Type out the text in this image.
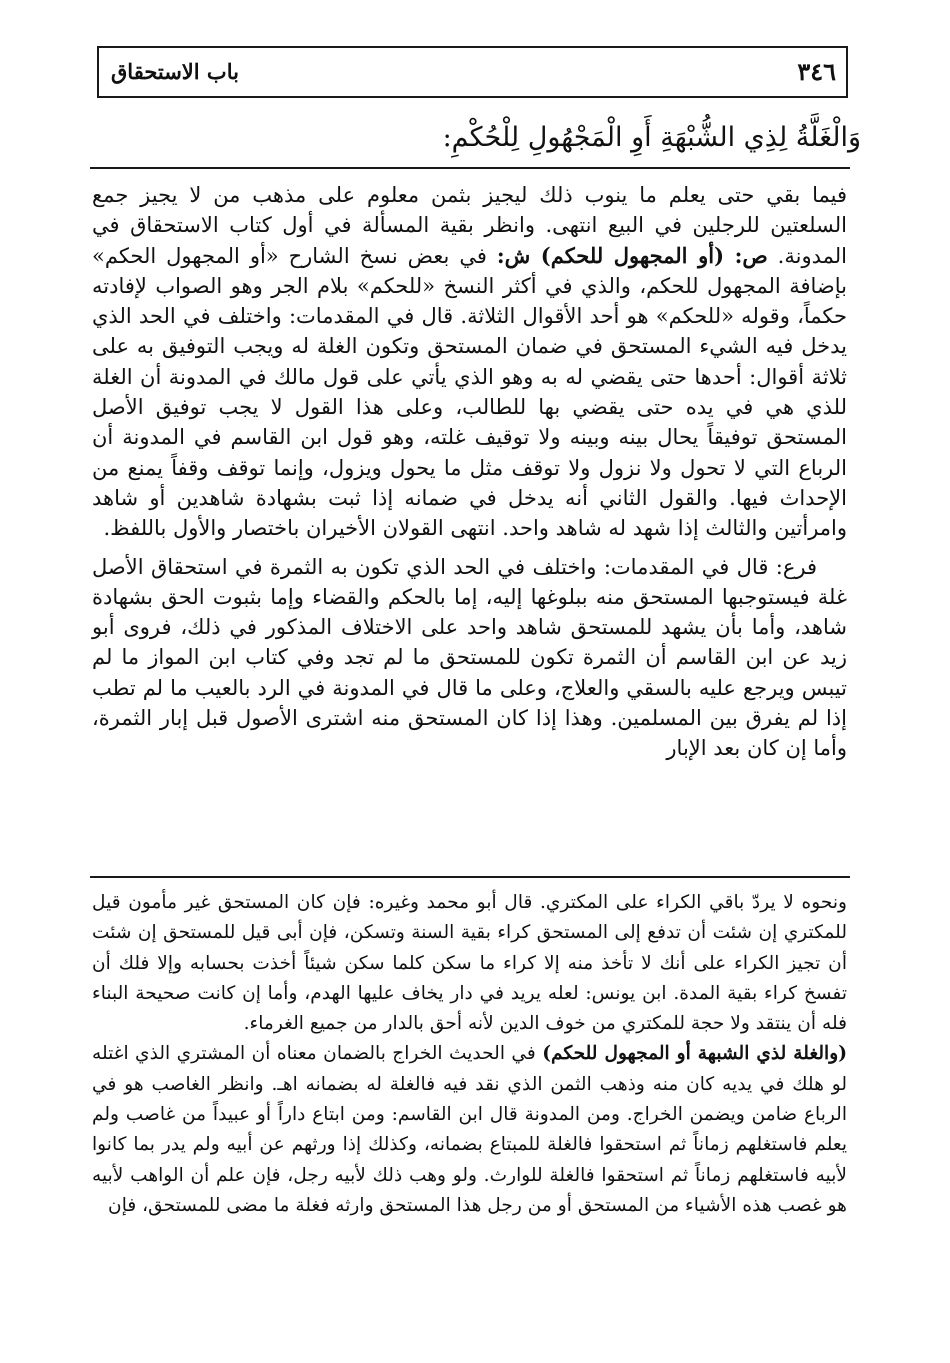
٣٤٦
باب الاستحقاق
وَالْغَلَّةُ لِذِي الشُّبْهَةِ أَوِ الْمَجْهُولِ لِلْحُكْمِ:

فيما بقي حتى يعلم ما ينوب ذلك ليجيز بثمن معلوم على مذهب من لا يجيز جمع السلعتين للرجلين في البيع انتهى. وانظر بقية المسألة في أول كتاب الاستحقاق في المدونة. ص: (أو المجهول للحكم) ش: في بعض نسخ الشارح «أو المجهول الحكم» بإضافة المجهول للحكم، والذي في أكثر النسخ «للحكم» بلام الجر وهو الصواب لإفادته حكماً، وقوله «للحكم» هو أحد الأقوال الثلاثة. قال في المقدمات: واختلف في الحد الذي يدخل فيه الشيء المستحق في ضمان المستحق وتكون الغلة له ويجب التوفيق به على ثلاثة أقوال: أحدها حتى يقضي له به وهو الذي يأتي على قول مالك في المدونة أن الغلة للذي هي في يده حتى يقضي بها للطالب، وعلى هذا القول لا يجب توفيق الأصل المستحق توفيقاً يحال بينه وبينه ولا توقيف غلته، وهو قول ابن القاسم في المدونة أن الرباع التي لا تحول ولا نزول ولا توقف مثل ما يحول ويزول، وإنما توقف وقفاً يمنع من الإحداث فيها. والقول الثاني أنه يدخل في ضمانه إذا ثبت بشهادة شاهدين أو شاهد وامرأتين والثالث إذا شهد له شاهد واحد. انتهى القولان الأخيران باختصار والأول باللفظ.

فرع: قال في المقدمات: واختلف في الحد الذي تكون به الثمرة في استحقاق الأصل غلة فيستوجبها المستحق منه ببلوغها إليه، إما بالحكم والقضاء وإما بثبوت الحق بشهادة شاهد، وأما بأن يشهد للمستحق شاهد واحد على الاختلاف المذكور في ذلك، فروى أبو زيد عن ابن القاسم أن الثمرة تكون للمستحق ما لم تجد وفي كتاب ابن المواز ما لم تيبس ويرجع عليه بالسقي والعلاج، وعلى ما قال في المدونة في الرد بالعيب ما لم تطب إذا لم يفرق بين المسلمين. وهذا إذا كان المستحق منه اشترى الأصول قبل إبار الثمرة، وأما إن كان بعد الإبار

ونحوه لا يردّ باقي الكراء على المكتري. قال أبو محمد وغيره: فإن كان المستحق غير مأمون قيل للمكتري إن شئت أن تدفع إلى المستحق كراء بقية السنة وتسكن، فإن أبى قيل للمستحق إن شئت أن تجيز الكراء على أنك لا تأخذ منه إلا كراء ما سكن كلما سكن شيئاً أخذت بحسابه وإلا فلك أن تفسخ كراء بقية المدة. ابن يونس: لعله يريد في دار يخاف عليها الهدم، وأما إن كانت صحيحة البناء فله أن ينتقد ولا حجة للمكتري من خوف الدين لأنه أحق بالدار من جميع الغرماء.

(والغلة لذي الشبهة أو المجهول للحكم) في الحديث الخراج بالضمان معناه أن المشتري الذي اغتله لو هلك في يديه كان منه وذهب الثمن الذي نقد فيه فالغلة له بضمانه اهـ. وانظر الغاصب هو في الرباع ضامن ويضمن الخراج. ومن المدونة قال ابن القاسم: ومن ابتاع داراً أو عبيداً من غاصب ولم يعلم فاستغلهم زماناً ثم استحقوا فالغلة للمبتاع بضمانه، وكذلك إذا ورثهم عن أبيه ولم يدر بما كانوا لأبيه فاستغلهم زماناً ثم استحقوا فالغلة للوارث. ولو وهب ذلك لأبيه رجل، فإن علم أن الواهب لأبيه هو غصب هذه الأشياء من المستحق أو من رجل هذا المستحق وارثه فغلة ما مضى للمستحق، فإن
